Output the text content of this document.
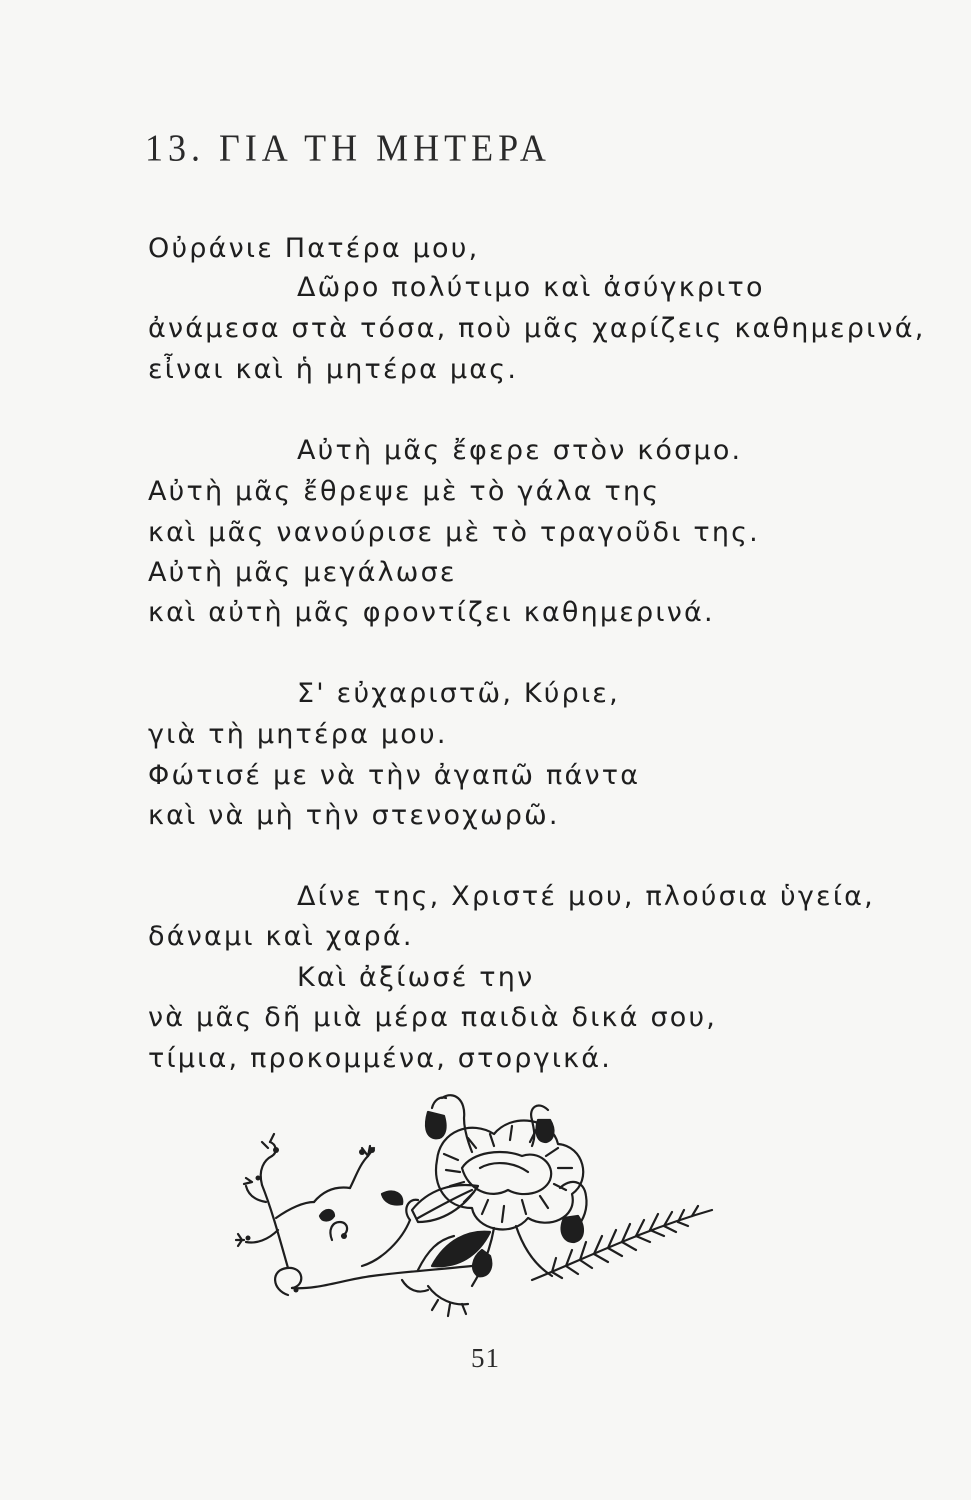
13. ΓΙΑ ΤΗ ΜΗΤΕΡΑ
Οὐράνιε Πατέρα μου,
Δῶρο πολύτιμο καὶ ἀσύγκριτο
ἀνάμεσα στὰ τόσα, ποὺ μᾶς χαρίζεις καθημερινά,
εἶναι καὶ ἡ μητέρα μας.
Αὐτὴ μᾶς ἔφερε στὸν κόσμο.
Αὐτὴ μᾶς ἔθρεψε μὲ τὸ γάλα της
καὶ μᾶς νανούρισε μὲ τὸ τραγοῦδι της.
Αὐτὴ μᾶς μεγάλωσε
καὶ αὐτὴ μᾶς φροντίζει καθημερινά.
Σ' εὐχαριστῶ, Κύριε,
γιὰ τὴ μητέρα μου.
Φώτισέ με νὰ τὴν ἀγαπῶ πάντα
καὶ νὰ μὴ τὴν στενοχωρῶ.
Δίνε της, Χριστέ μου, πλούσια ὑγεία,
δάναμι καὶ χαρά.
Καὶ ἀξίωσέ την
νὰ μᾶς δῆ μιὰ μέρα παιδιὰ δικά σου,
τίμια, προκομμένα, στοργικά.
51
